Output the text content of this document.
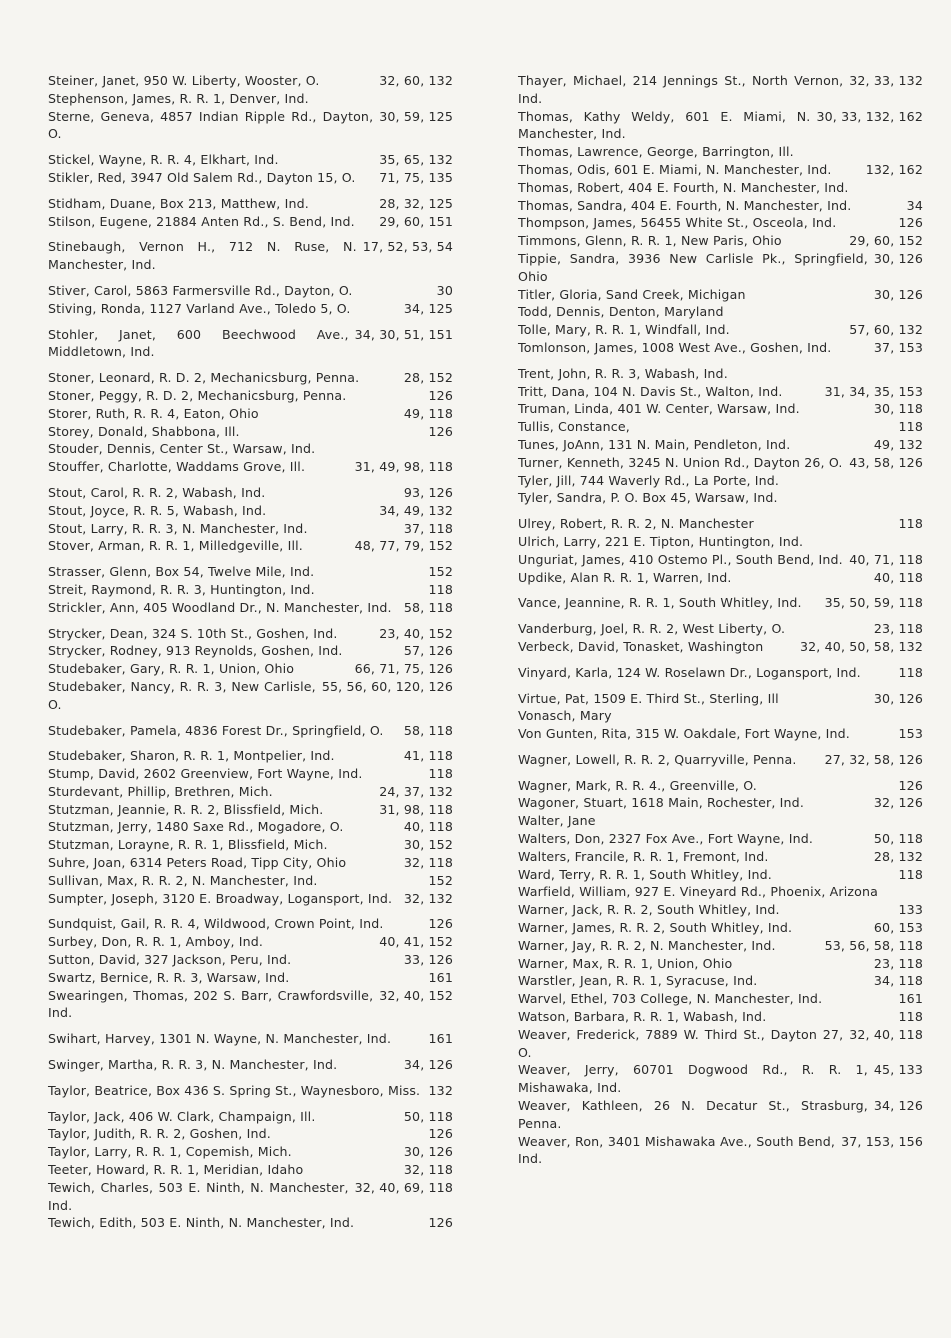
32, 60, 132
Steiner, Janet, 950 W. Liberty, Wooster, O.
Stephenson, James, R. R. 1, Denver, Ind.
30, 59, 125
Sterne, Geneva, 4857 Indian Ripple Rd., Dayton, O.
35, 65, 132
Stickel, Wayne, R. R. 4, Elkhart, Ind.
71, 75, 135
Stikler, Red, 3947 Old Salem Rd., Dayton 15, O.
28, 32, 125
Stidham, Duane, Box 213, Matthew, Ind.
29, 60, 151
Stilson, Eugene, 21884 Anten Rd., S. Bend, Ind.
17, 52, 53, 54
Stinebaugh, Vernon H., 712 N. Ruse, N. Manchester, Ind.
30
Stiver, Carol, 5863 Farmersville Rd., Dayton, O.
34, 125
Stiving, Ronda, 1127 Varland Ave., Toledo 5, O.
34, 30, 51, 151
Stohler, Janet, 600 Beechwood Ave., Middletown, Ind.
28, 152
Stoner, Leonard, R. D. 2, Mechanicsburg, Penna.
126
Stoner, Peggy, R. D. 2, Mechanicsburg, Penna.
49, 118
Storer, Ruth, R. R. 4, Eaton, Ohio
126
Storey, Donald, Shabbona, Ill.
Stouder, Dennis, Center St., Warsaw, Ind.
31, 49, 98, 118
Stouffer, Charlotte, Waddams Grove, Ill.
93, 126
Stout, Carol, R. R. 2, Wabash, Ind.
34, 49, 132
Stout, Joyce, R. R. 5, Wabash, Ind.
37, 118
Stout, Larry, R. R. 3, N. Manchester, Ind.
48, 77, 79, 152
Stover, Arman, R. R. 1, Milledgeville, Ill.
152
Strasser, Glenn, Box 54, Twelve Mile, Ind.
118
Streit, Raymond, R. R. 3, Huntington, Ind.
58, 118
Strickler, Ann, 405 Woodland Dr., N. Manchester, Ind.
23, 40, 152
Strycker, Dean, 324 S. 10th St., Goshen, Ind.
57, 126
Strycker, Rodney, 913 Reynolds, Goshen, Ind.
66, 71, 75, 126
Studebaker, Gary, R. R. 1, Union, Ohio
55, 56, 60, 120, 126
Studebaker, Nancy, R. R. 3, New Carlisle, O.
58, 118
Studebaker, Pamela, 4836 Forest Dr., Springfield, O.
41, 118
Studebaker, Sharon, R. R. 1, Montpelier, Ind.
118
Stump, David, 2602 Greenview, Fort Wayne, Ind.
24, 37, 132
Sturdevant, Phillip, Brethren, Mich.
31, 98, 118
Stutzman, Jeannie, R. R. 2, Blissfield, Mich.
40, 118
Stutzman, Jerry, 1480 Saxe Rd., Mogadore, O.
30, 152
Stutzman, Lorayne, R. R. 1, Blissfield, Mich.
32, 118
Suhre, Joan, 6314 Peters Road, Tipp City, Ohio
152
Sullivan, Max, R. R. 2, N. Manchester, Ind.
32, 132
Sumpter, Joseph, 3120 E. Broadway, Logansport, Ind.
126
Sundquist, Gail, R. R. 4, Wildwood, Crown Point, Ind.
40, 41, 152
Surbey, Don, R. R. 1, Amboy, Ind.
33, 126
Sutton, David, 327 Jackson, Peru, Ind.
161
Swartz, Bernice, R. R. 3, Warsaw, Ind.
32, 40, 152
Swearingen, Thomas, 202 S. Barr, Crawfordsville, Ind.
161
Swihart, Harvey, 1301 N. Wayne, N. Manchester, Ind.
34, 126
Swinger, Martha, R. R. 3, N. Manchester, Ind.
132
Taylor, Beatrice, Box 436 S. Spring St., Waynesboro, Miss.
50, 118
Taylor, Jack, 406 W. Clark, Champaign, Ill.
126
Taylor, Judith, R. R. 2, Goshen, Ind.
30, 126
Taylor, Larry, R. R. 1, Copemish, Mich.
32, 118
Teeter, Howard, R. R. 1, Meridian, Idaho
32, 40, 69, 118
Tewich, Charles, 503 E. Ninth, N. Manchester, Ind.
126
Tewich, Edith, 503 E. Ninth, N. Manchester, Ind.
32, 33, 132
Thayer, Michael, 214 Jennings St., North Vernon, Ind.
30, 33, 132, 162
Thomas, Kathy Weldy, 601 E. Miami, N. Manchester, Ind.
Thomas, Lawrence, George, Barrington, Ill.
132, 162
Thomas, Odis, 601 E. Miami, N. Manchester, Ind.
Thomas, Robert, 404 E. Fourth, N. Manchester, Ind.
34
Thomas, Sandra, 404 E. Fourth, N. Manchester, Ind.
126
Thompson, James, 56455 White St., Osceola, Ind.
29, 60, 152
Timmons, Glenn, R. R. 1, New Paris, Ohio
30, 126
Tippie, Sandra, 3936 New Carlisle Pk., Springfield, Ohio
30, 126
Titler, Gloria, Sand Creek, Michigan
Todd, Dennis, Denton, Maryland
57, 60, 132
Tolle, Mary, R. R. 1, Windfall, Ind.
37, 153
Tomlonson, James, 1008 West Ave., Goshen, Ind.
Trent, John, R. R. 3, Wabash, Ind.
31, 34, 35, 153
Tritt, Dana, 104 N. Davis St., Walton, Ind.
30, 118
Truman, Linda, 401 W. Center, Warsaw, Ind.
118
Tullis, Constance,
49, 132
Tunes, JoAnn, 131 N. Main, Pendleton, Ind.
43, 58, 126
Turner, Kenneth, 3245 N. Union Rd., Dayton 26, O.
Tyler, Jill, 744 Waverly Rd., La Porte, Ind.
Tyler, Sandra, P. O. Box 45, Warsaw, Ind.
118
Ulrey, Robert, R. R. 2, N. Manchester
Ulrich, Larry, 221 E. Tipton, Huntington, Ind.
40, 71, 118
Unguriat, James, 410 Ostemo Pl., South Bend, Ind.
40, 118
Updike, Alan R. R. 1, Warren, Ind.
35, 50, 59, 118
Vance, Jeannine, R. R. 1, South Whitley, Ind.
23, 118
Vanderburg, Joel, R. R. 2, West Liberty, O.
32, 40, 50, 58, 132
Verbeck, David, Tonasket, Washington
118
Vinyard, Karla, 124 W. Roselawn Dr., Logansport, Ind.
30, 126
Virtue, Pat, 1509 E. Third St., Sterling, Ill
Vonasch, Mary
153
Von Gunten, Rita, 315 W. Oakdale, Fort Wayne, Ind.
27, 32, 58, 126
Wagner, Lowell, R. R. 2, Quarryville, Penna.
126
Wagner, Mark, R. R. 4., Greenville, O.
32, 126
Wagoner, Stuart, 1618 Main, Rochester, Ind.
Walter, Jane
50, 118
Walters, Don, 2327 Fox Ave., Fort Wayne, Ind.
28, 132
Walters, Francile, R. R. 1, Fremont, Ind.
118
Ward, Terry, R. R. 1, South Whitley, Ind.
Warfield, William, 927 E. Vineyard Rd., Phoenix, Arizona
133
Warner, Jack, R. R. 2, South Whitley, Ind.
60, 153
Warner, James, R. R. 2, South Whitley, Ind.
53, 56, 58, 118
Warner, Jay, R. R. 2, N. Manchester, Ind.
23, 118
Warner, Max, R. R. 1, Union, Ohio
34, 118
Warstler, Jean, R. R. 1, Syracuse, Ind.
161
Warvel, Ethel, 703 College, N. Manchester, Ind.
118
Watson, Barbara, R. R. 1, Wabash, Ind.
32, 40, 118
Weaver, Frederick, 7889 W. Third St., Dayton 27, O.
45, 133
Weaver, Jerry, 60701 Dogwood Rd., R. R. 1, Mishawaka, Ind.
34, 126
Weaver, Kathleen, 26 N. Decatur St., Strasburg, Penna.
37, 153, 156
Weaver, Ron, 3401 Mishawaka Ave., South Bend, Ind.
